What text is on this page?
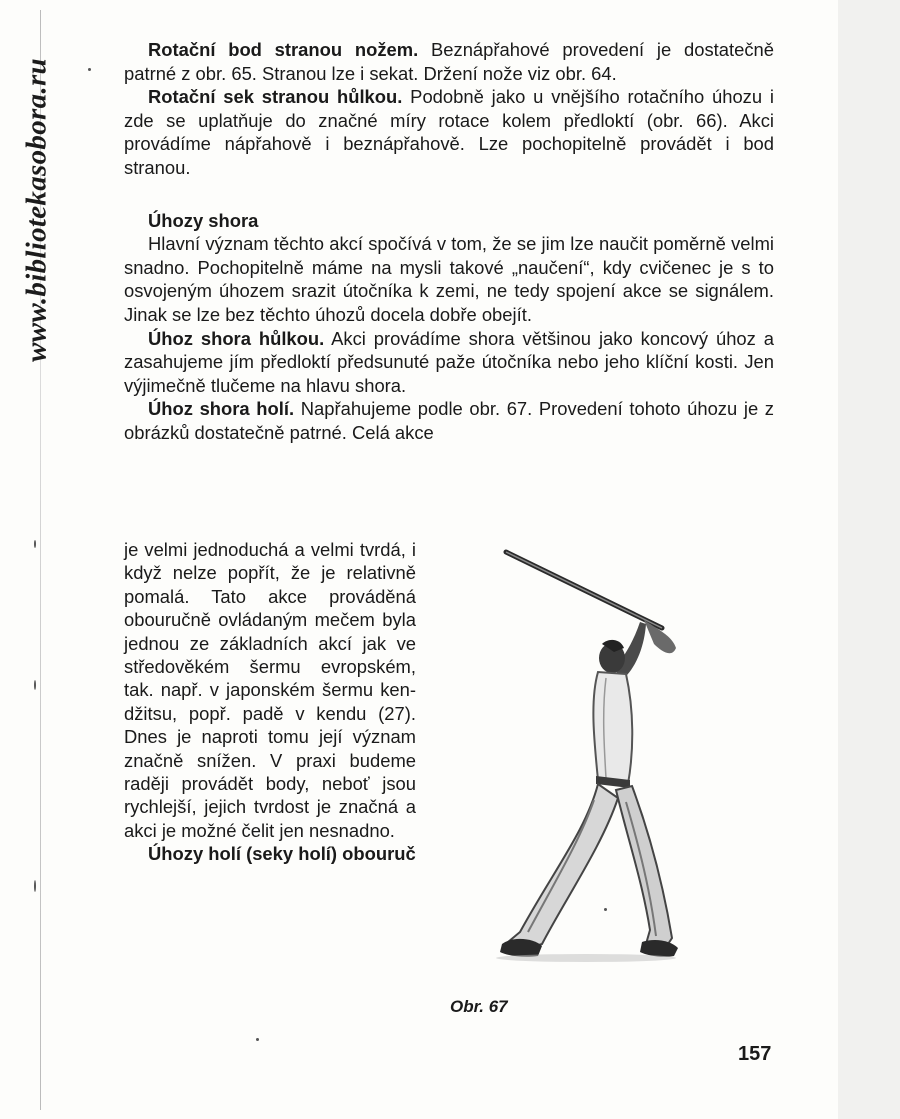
www.bibliotekasobora.ru

Rotační bod stranou nožem. Beznápřahové provedení je dostatečně patrné z obr. 65. Stranou lze i sekat. Držení nože viz obr. 64.

Rotační sek stranou hůlkou. Podobně jako u vnějšího rotačního úhozu i zde se uplatňuje do značné míry rotace kolem předloktí (obr. 66). Akci provádíme nápřahově i beznápřahově. Lze pochopitelně provádět i bod stranou.

Úhozy shora

Hlavní význam těchto akcí spočívá v tom, že se jim lze naučit poměrně velmi snadno. Pochopitelně máme na mysli takové „naučení“, kdy cvičenec je s to osvojeným úhozem srazit útočníka k zemi, ne tedy spojení akce se signálem. Jinak se lze bez těchto úhozů docela dobře obejít.

Úhoz shora hůlkou. Akci provádíme shora většinou jako koncový úhoz a zasahujeme jím předloktí předsunuté paže útočníka nebo jeho klíční kosti. Jen výjimečně tlučeme na hlavu shora.

Úhoz shora holí. Napřahujeme podle obr. 67. Provedení tohoto úhozu je z obrázků dostatečně patrné. Celá akce

je velmi jednoduchá a velmi tvrdá, i když nelze popřít, že je relativně pomalá. Tato akce prováděná obouručně ovládaným mečem byla jednou ze základních akcí jak ve středověkém šermu evropském, tak. např. v japonském šermu ken-džitsu, popř. padě v kendu (27). Dnes je naproti tomu její význam značně snížen. V praxi budeme raději provádět body, neboť jsou rychlejší, jejich tvrdost je značná a akci je možné čelit jen nesnadno.

Úhozy holí (seky holí) obouruč

Obr. 67
157
